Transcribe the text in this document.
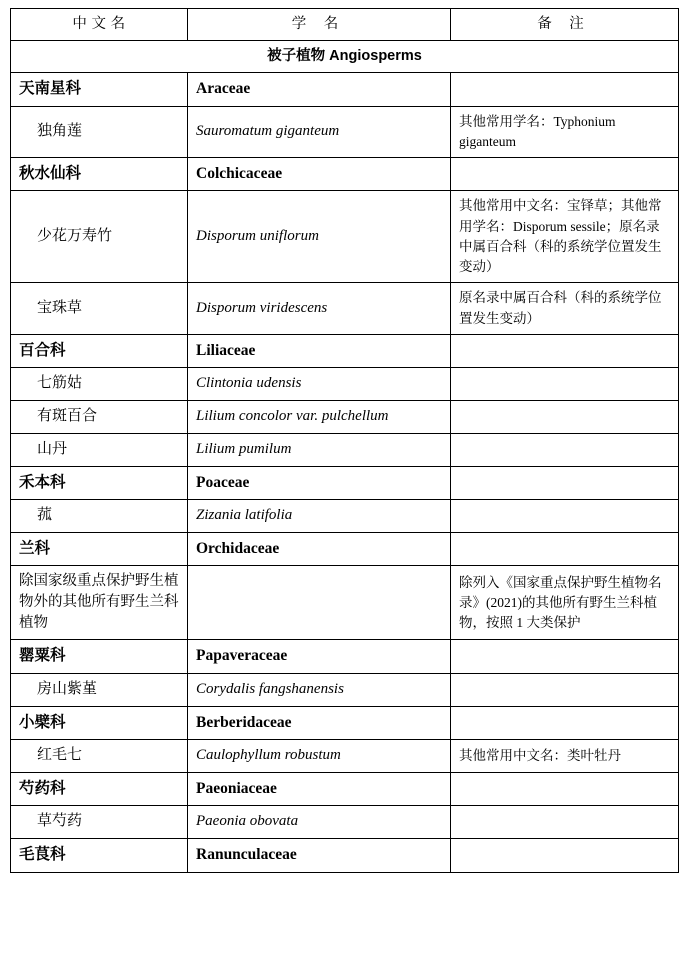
中 文 名	学 名	备 注
被子植物 Angiosperms		
天南星科	Araceae	
独角莲	Sauromatum giganteum	其他常用学名：Typhonium giganteum
秋水仙科	Colchicaceae	
少花万寿竹	Disporum uniflorum	其他常用中文名：宝铎草；其他常用学名：Disporum sessile；原名录中属百合科（科的系统学位置发生变动）
宝珠草	Disporum viridescens	原名录中属百合科（科的系统学位置发生变动）
百合科	Liliaceae	
七筋姑	Clintonia udensis	
有斑百合	Lilium concolor var. pulchellum	
山丹	Lilium pumilum	
禾本科	Poaceae	
菰	Zizania latifolia	
兰科	Orchidaceae	
除国家级重点保护野生植物外的其他所有野生兰科植物		除列入《国家重点保护野生植物名录》(2021)的其他所有野生兰科植物，按照 1 大类保护
罂粟科	Papaveraceae	
房山紫堇	Corydalis fangshanensis	
小檗科	Berberidaceae	
红毛七	Caulophyllum robustum	其他常用中文名：类叶牡丹
芍药科	Paeoniaceae	
草芍药	Paeonia obovata	
毛茛科	Ranunculaceae	
